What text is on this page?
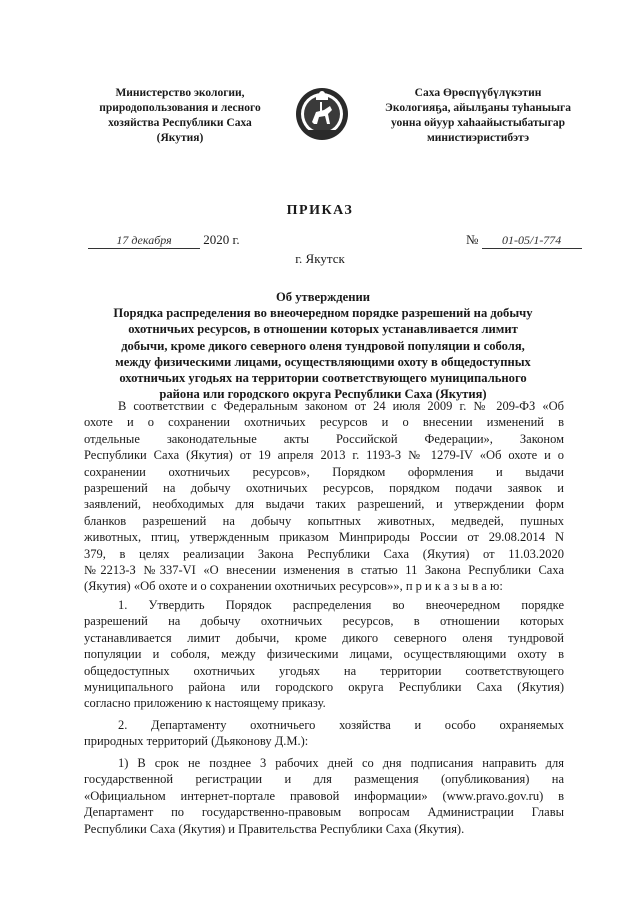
Министерство экологии,
природопользования и лесного
хозяйства Республики Саха
(Якутия)
Саха Өрөспүүбүлүкэтин
Экологияҕа, айылҕаны туһаныыга
уонна ойуур хаһаайыстыбатыгар
министиэристибэтэ
ПРИКАЗ
17 декабря 2020 г.	№ 01-05/1-774
г. Якутск
Об утверждении
Порядка распределения во внеочередном порядке разрешений на добычу
охотничьих ресурсов, в отношении которых устанавливается лимит
добычи, кроме дикого северного оленя тундровой популяции и соболя,
между физическими лицами, осуществляющими охоту в общедоступных
охотничьих угодьях на территории соответствующего муниципального
района или городского округа Республики Саха (Якутия)
В соответствии с Федеральным законом от 24 июля 2009 г. № 209-ФЗ «Об
охоте и о сохранении охотничьих ресурсов и о внесении изменений в
отдельные законодательные акты Российской Федерации», Законом
Республики Саха (Якутия) от 19 апреля 2013 г. 1193-З № 1279-IV «Об охоте и о
сохранении охотничьих ресурсов», Порядком оформления и выдачи
разрешений на добычу охотничьих ресурсов, порядком подачи заявок и
заявлений, необходимых для выдачи таких разрешений, и утверждении форм
бланков разрешений на добычу копытных животных, медведей, пушных
животных, птиц, утвержденным приказом Минприроды России от 29.08.2014 N
379, в целях реализации Закона Республики Саха (Якутия) от 11.03.2020
№2213-З №337-VI «О внесении изменения в статью 11 Закона Республики Саха
(Якутия) «Об охоте и о сохранении охотничьих ресурсов»», п р и к а з ы в а ю:
1. Утвердить Порядок распределения во внеочередном порядке
разрешений на добычу охотничьих ресурсов, в отношении которых
устанавливается лимит добычи, кроме дикого северного оленя тундровой
популяции и соболя, между физическими лицами, осуществляющими охоту в
общедоступных охотничьих угодьях на территории соответствующего
муниципального района или городского округа Республики Саха (Якутия)
согласно приложению к настоящему приказу.
2. Департаменту охотничьего хозяйства и особо охраняемых
природных территорий (Дьяконову Д.М.):
1) В срок не позднее 3 рабочих дней со дня подписания направить для
государственной регистрации и для размещения (опубликования) на
«Официальном интернет-портале правовой информации» (www.pravo.gov.ru) в
Департамент по государственно-правовым вопросам Администрации Главы
Республики Саха (Якутия) и Правительства Республики Саха (Якутия).
